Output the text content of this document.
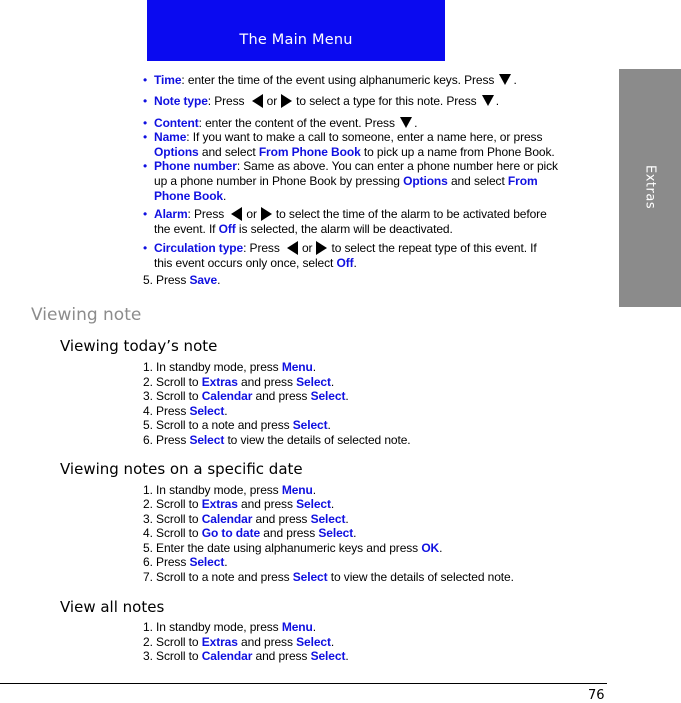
The Main Menu
Extras
• Time: enter the time of the event using alphanumeric keys. Press .
• Note type: Press or to select a type for this note. Press .
• Content: enter the content of the event. Press .
• Name: If you want to make a call to someone, enter a name here, or press
Options and select From Phone Book to pick up a name from Phone Book.
• Phone number: Same as above. You can enter a phone number here or pick
up a phone number in Phone Book by pressing Options and select From
Phone Book.
• Alarm: Press or to select the time of the alarm to be activated before
the event. If Off is selected, the alarm will be deactivated.
• Circulation type: Press or to select the repeat type of this event. If
this event occurs only once, select Off.
5. Press Save.
Viewing note
Viewing today’s note
1. In standby mode, press Menu.
2. Scroll to Extras and press Select.
3. Scroll to Calendar and press Select.
4. Press Select.
5. Scroll to a note and press Select.
6. Press Select to view the details of selected note.
Viewing notes on a specific date
1. In standby mode, press Menu.
2. Scroll to Extras and press Select.
3. Scroll to Calendar and press Select.
4. Scroll to Go to date and press Select.
5. Enter the date using alphanumeric keys and press OK.
6. Press Select.
7. Scroll to a note and press Select to view the details of selected note.
View all notes
1. In standby mode, press Menu.
2. Scroll to Extras and press Select.
3. Scroll to Calendar and press Select.
76
